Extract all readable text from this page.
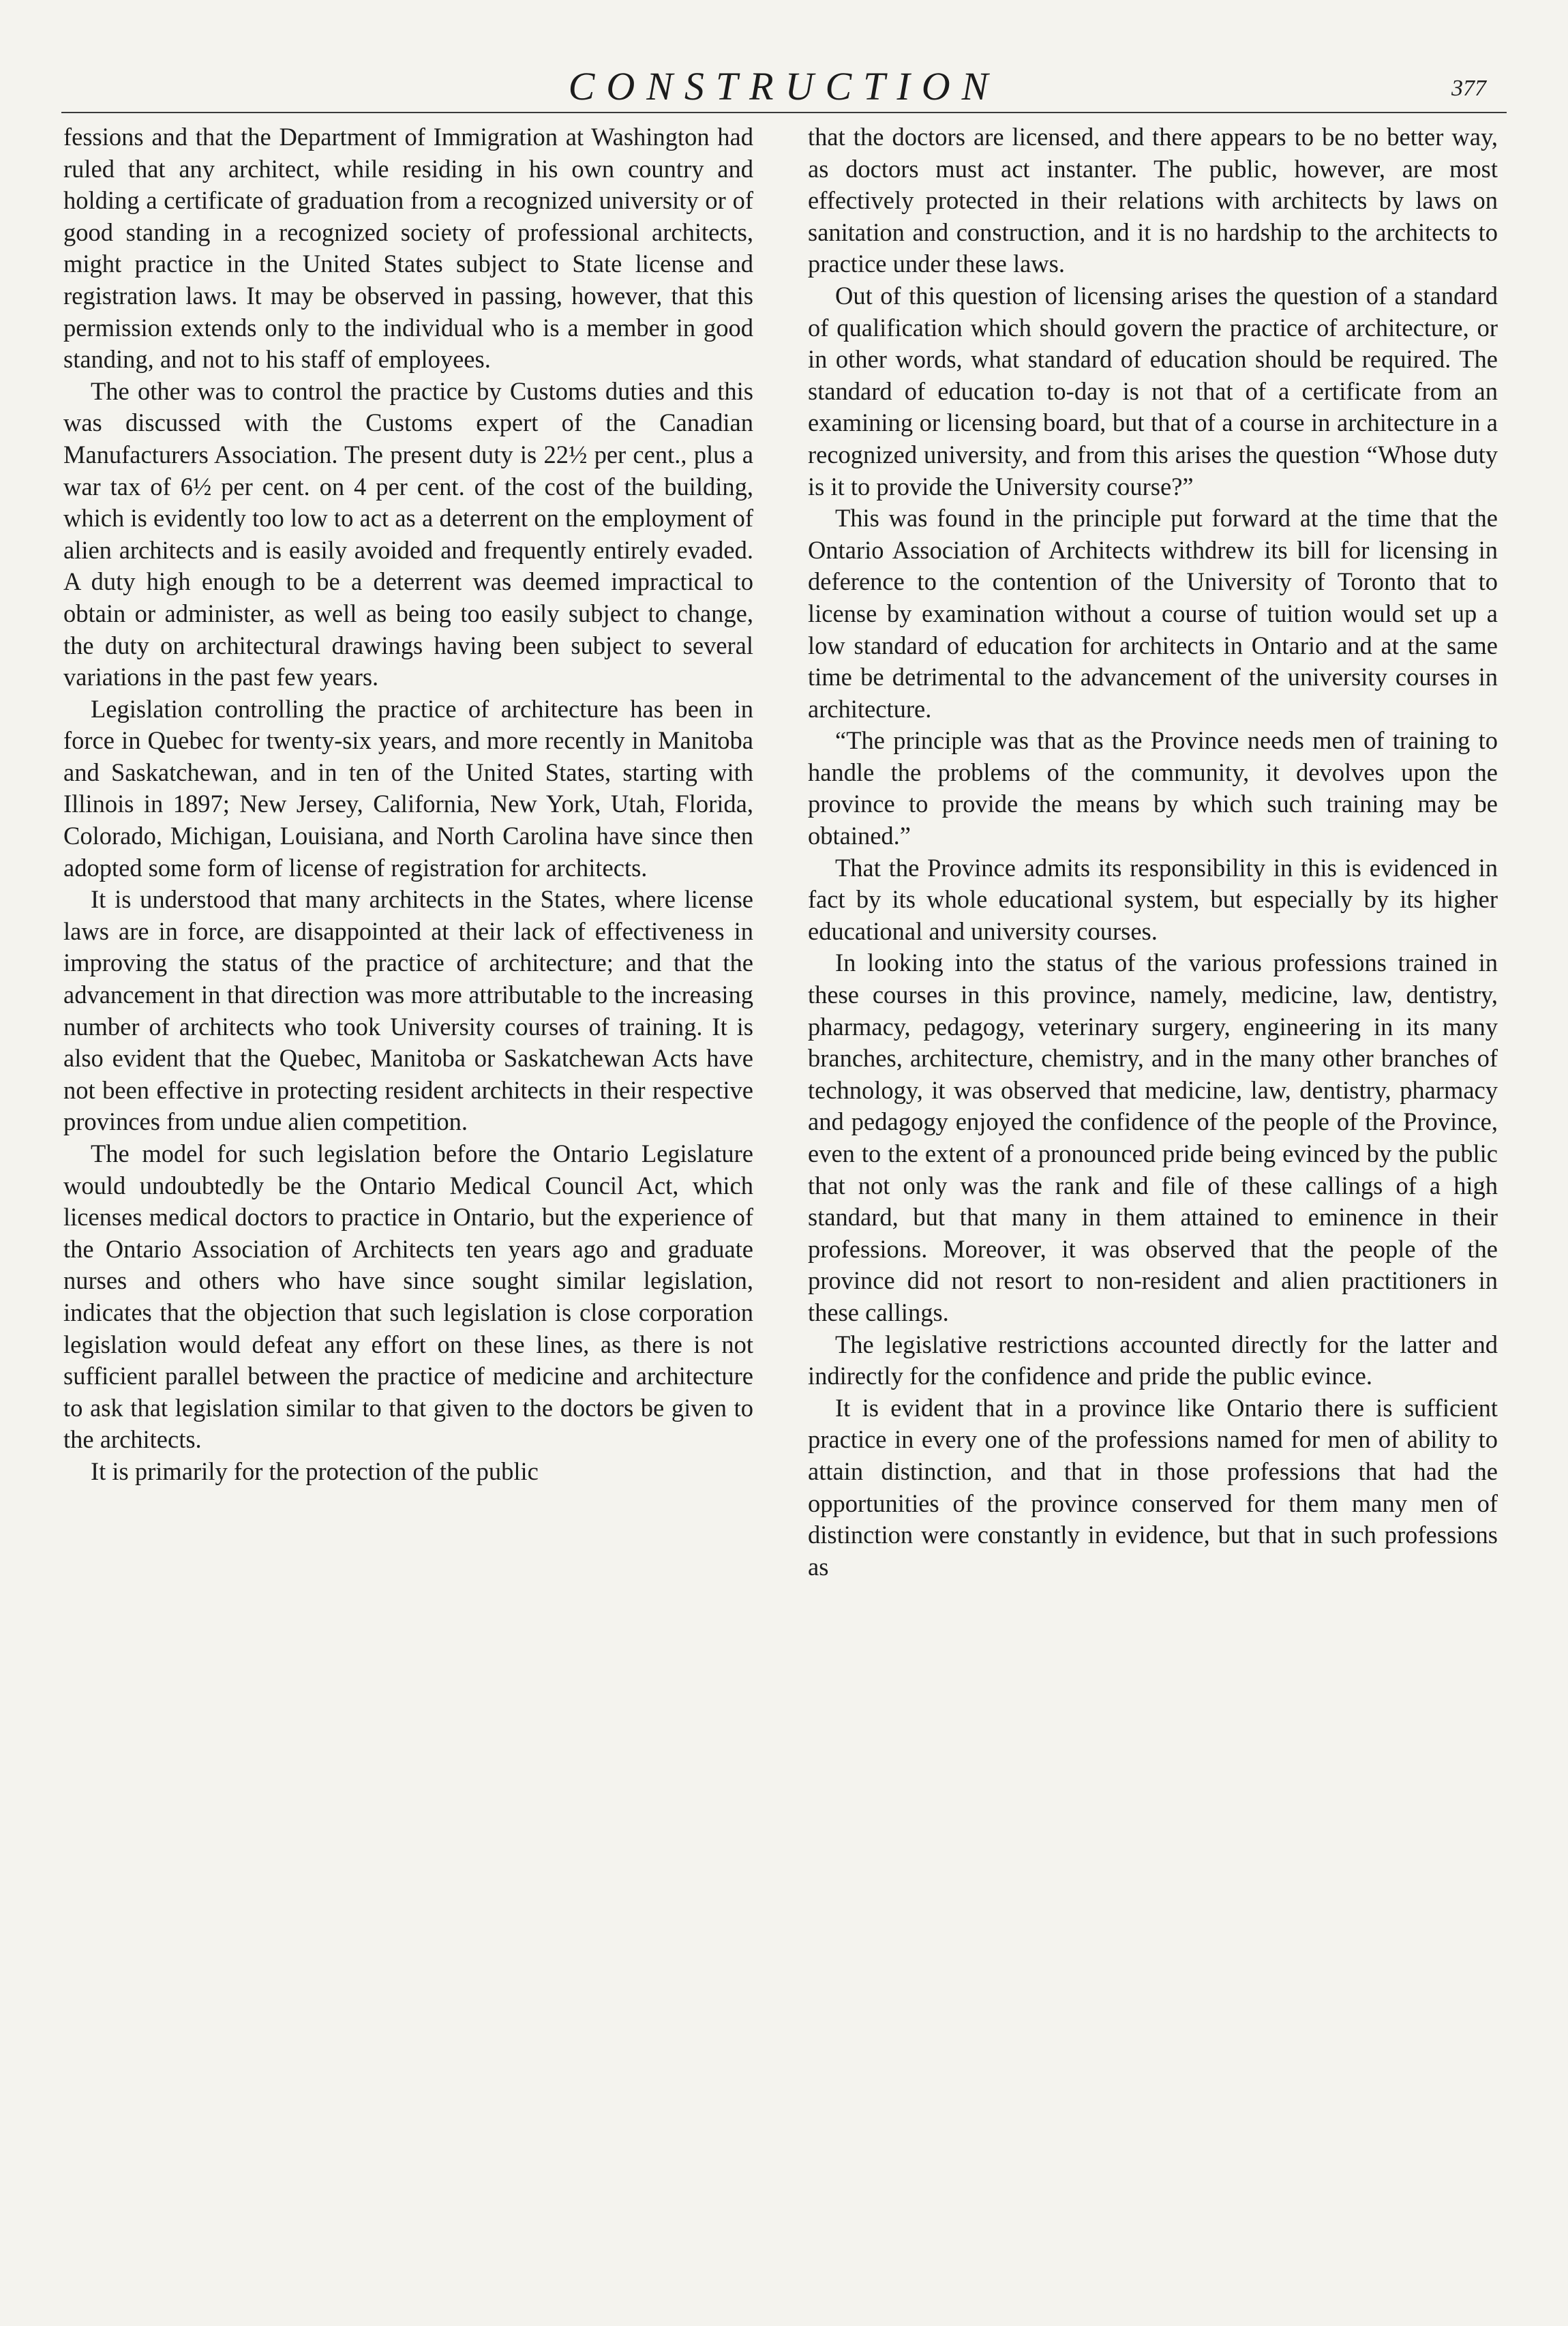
CONSTRUCTION	377

fessions and that the Department of Immigration at Washington had ruled that any architect, while residing in his own country and holding a certificate of graduation from a recognized university or of good standing in a recognized society of professional architects, might practice in the United States subject to State license and registration laws. It may be observed in passing, however, that this permission extends only to the individual who is a member in good standing, and not to his staff of employees.

The other was to control the practice by Customs duties and this was discussed with the Customs expert of the Canadian Manufacturers Association. The present duty is 22½ per cent., plus a war tax of 6½ per cent. on 4 per cent. of the cost of the building, which is evidently too low to act as a deterrent on the employment of alien architects and is easily avoided and frequently entirely evaded. A duty high enough to be a deterrent was deemed impractical to obtain or administer, as well as being too easily subject to change, the duty on architectural drawings having been subject to several variations in the past few years.

Legislation controlling the practice of architecture has been in force in Quebec for twenty-six years, and more recently in Manitoba and Saskatchewan, and in ten of the United States, starting with Illinois in 1897; New Jersey, California, New York, Utah, Florida, Colorado, Michigan, Louisiana, and North Carolina have since then adopted some form of license of registration for architects.

It is understood that many architects in the States, where license laws are in force, are disappointed at their lack of effectiveness in improving the status of the practice of architecture; and that the advancement in that direction was more attributable to the increasing number of architects who took University courses of training. It is also evident that the Quebec, Manitoba or Saskatchewan Acts have not been effective in protecting resident architects in their respective provinces from undue alien competition.

The model for such legislation before the Ontario Legislature would undoubtedly be the Ontario Medical Council Act, which licenses medical doctors to practice in Ontario, but the experience of the Ontario Association of Architects ten years ago and graduate nurses and others who have since sought similar legislation, indicates that the objection that such legislation is close corporation legislation would defeat any effort on these lines, as there is not sufficient parallel between the practice of medicine and architecture to ask that legislation similar to that given to the doctors be given to the architects.

It is primarily for the protection of the public

that the doctors are licensed, and there appears to be no better way, as doctors must act instanter. The public, however, are most effectively protected in their relations with architects by laws on sanitation and construction, and it is no hardship to the architects to practice under these laws.

Out of this question of licensing arises the question of a standard of qualification which should govern the practice of architecture, or in other words, what standard of education should be required. The standard of education to-day is not that of a certificate from an examining or licensing board, but that of a course in architecture in a recognized university, and from this arises the question “Whose duty is it to provide the University course?”

This was found in the principle put forward at the time that the Ontario Association of Architects withdrew its bill for licensing in deference to the contention of the University of Toronto that to license by examination without a course of tuition would set up a low standard of education for architects in Ontario and at the same time be detrimental to the advancement of the university courses in architecture.

“The principle was that as the Province needs men of training to handle the problems of the community, it devolves upon the province to provide the means by which such training may be obtained.”

That the Province admits its responsibility in this is evidenced in fact by its whole educational system, but especially by its higher educational and university courses.

In looking into the status of the various professions trained in these courses in this province, namely, medicine, law, dentistry, pharmacy, pedagogy, veterinary surgery, engineering in its many branches, architecture, chemistry, and in the many other branches of technology, it was observed that medicine, law, dentistry, pharmacy and pedagogy enjoyed the confidence of the people of the Province, even to the extent of a pronounced pride being evinced by the public that not only was the rank and file of these callings of a high standard, but that many in them attained to eminence in their professions. Moreover, it was observed that the people of the province did not resort to non-resident and alien practitioners in these callings.

The legislative restrictions accounted directly for the latter and indirectly for the confidence and pride the public evince.

It is evident that in a province like Ontario there is sufficient practice in every one of the professions named for men of ability to attain distinction, and that in those professions that had the opportunities of the province conserved for them many men of distinction were constantly in evidence, but that in such professions as
